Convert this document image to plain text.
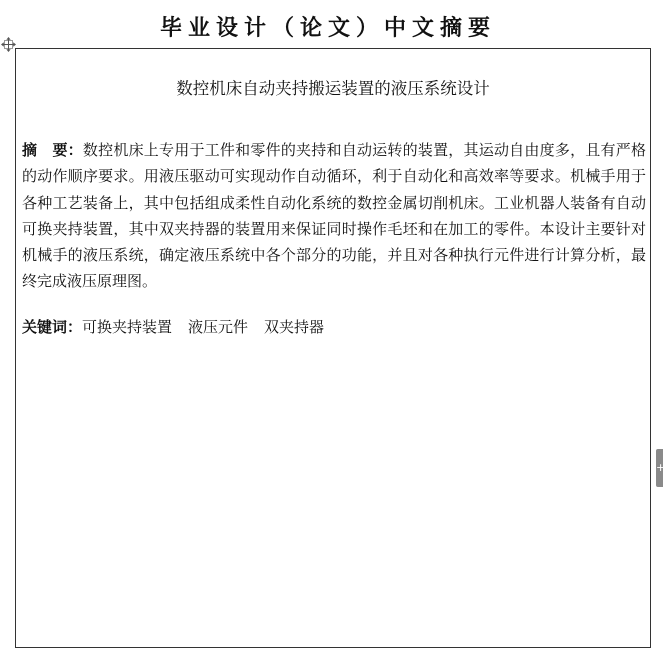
毕业设计（论文）中文摘要
数控机床自动夹持搬运装置的液压系统设计

摘　要：数控机床上专用于工件和零件的夹持和自动运转的装置，其运动自由度多，且有严格的动作顺序要求。用液压驱动可实现动作自动循环，利于自动化和高效率等要求。机械手用于各种工艺装备上，其中包括组成柔性自动化系统的数控金属切削机床。工业机器人装备有自动可换夹持装置，其中双夹持器的装置用来保证同时操作毛坯和在加工的零件。本设计主要针对机械手的液压系统，确定液压系统中各个部分的功能，并且对各种执行元件进行计算分析，最终完成液压原理图。

关键词：可换夹持装置 液压元件 双夹持器

+
